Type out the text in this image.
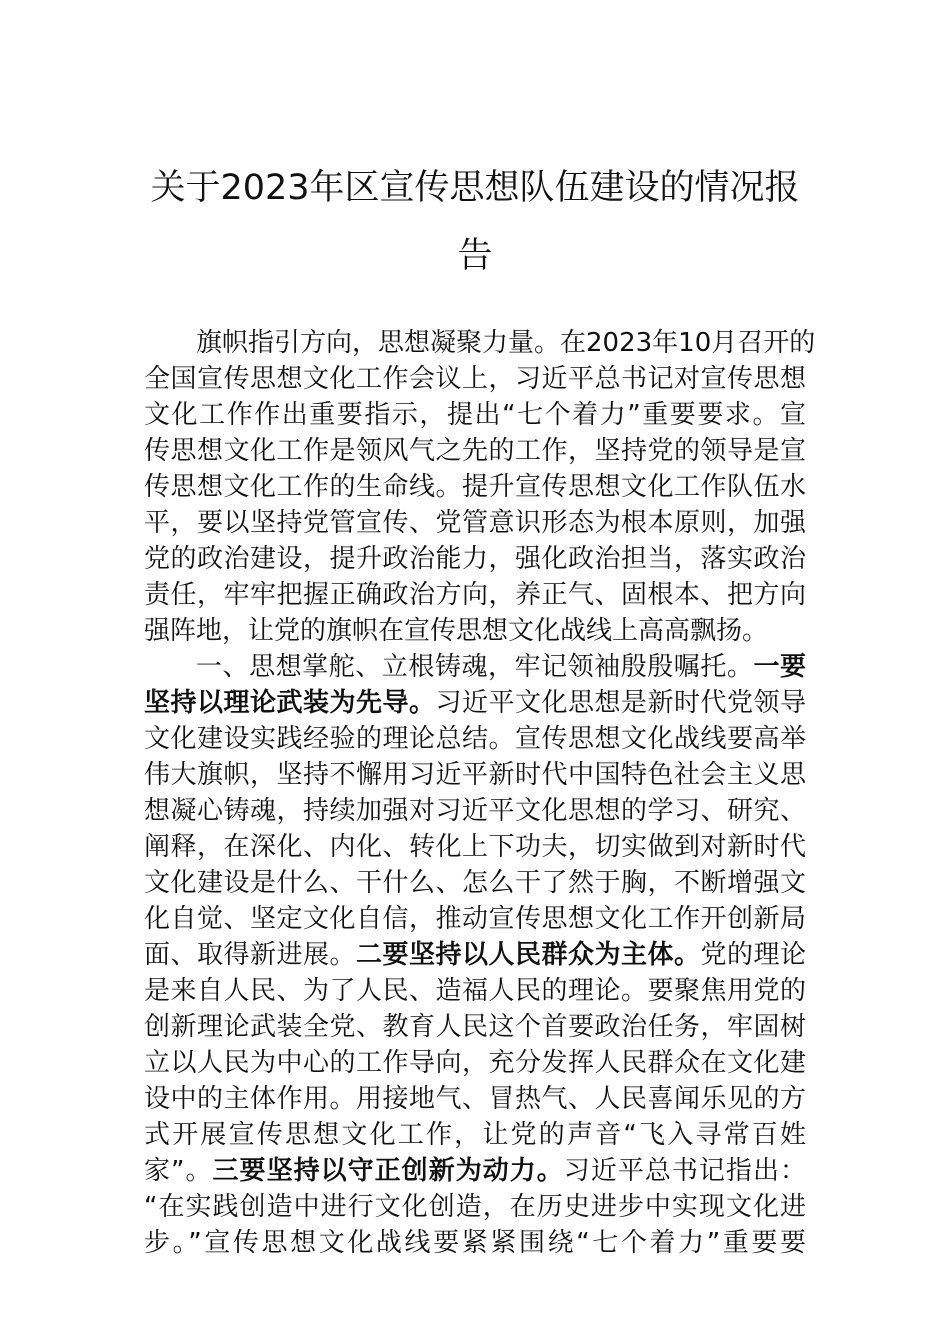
关于2023年区宣传思想队伍建设的情况报
告
旗帜指引方向，思想凝聚力量。在2023年10月召开的
全国宣传思想文化工作会议上，习近平总书记对宣传思想
文化工作作出重要指示，提出“七个着力”重要要求。宣
传思想文化工作是领风气之先的工作，坚持党的领导是宣
传思想文化工作的生命线。提升宣传思想文化工作队伍水
平，要以坚持党管宣传、党管意识形态为根本原则，加强
党的政治建设，提升政治能力，强化政治担当，落实政治
责任，牢牢把握正确政治方向，养正气、固根本、把方向
强阵地，让党的旗帜在宣传思想文化战线上高高飘扬。
一、思想掌舵、立根铸魂，牢记领袖殷殷嘱托。一要
坚持以理论武装为先导。习近平文化思想是新时代党领导
文化建设实践经验的理论总结。宣传思想文化战线要高举
伟大旗帜，坚持不懈用习近平新时代中国特色社会主义思
想凝心铸魂，持续加强对习近平文化思想的学习、研究、
阐释，在深化、内化、转化上下功夫，切实做到对新时代
文化建设是什么、干什么、怎么干了然于胸，不断增强文
化自觉、坚定文化自信，推动宣传思想文化工作开创新局
面、取得新进展。二要坚持以人民群众为主体。党的理论
是来自人民、为了人民、造福人民的理论。要聚焦用党的
创新理论武装全党、教育人民这个首要政治任务，牢固树
立以人民为中心的工作导向，充分发挥人民群众在文化建
设中的主体作用。用接地气、冒热气、人民喜闻乐见的方
式开展宣传思想文化工作，让党的声音“飞入寻常百姓
家”。三要坚持以守正创新为动力。习近平总书记指出：
“在实践创造中进行文化创造，在历史进步中实现文化进
步。”宣传思想文化战线要紧紧围绕“七个着力”重要要
